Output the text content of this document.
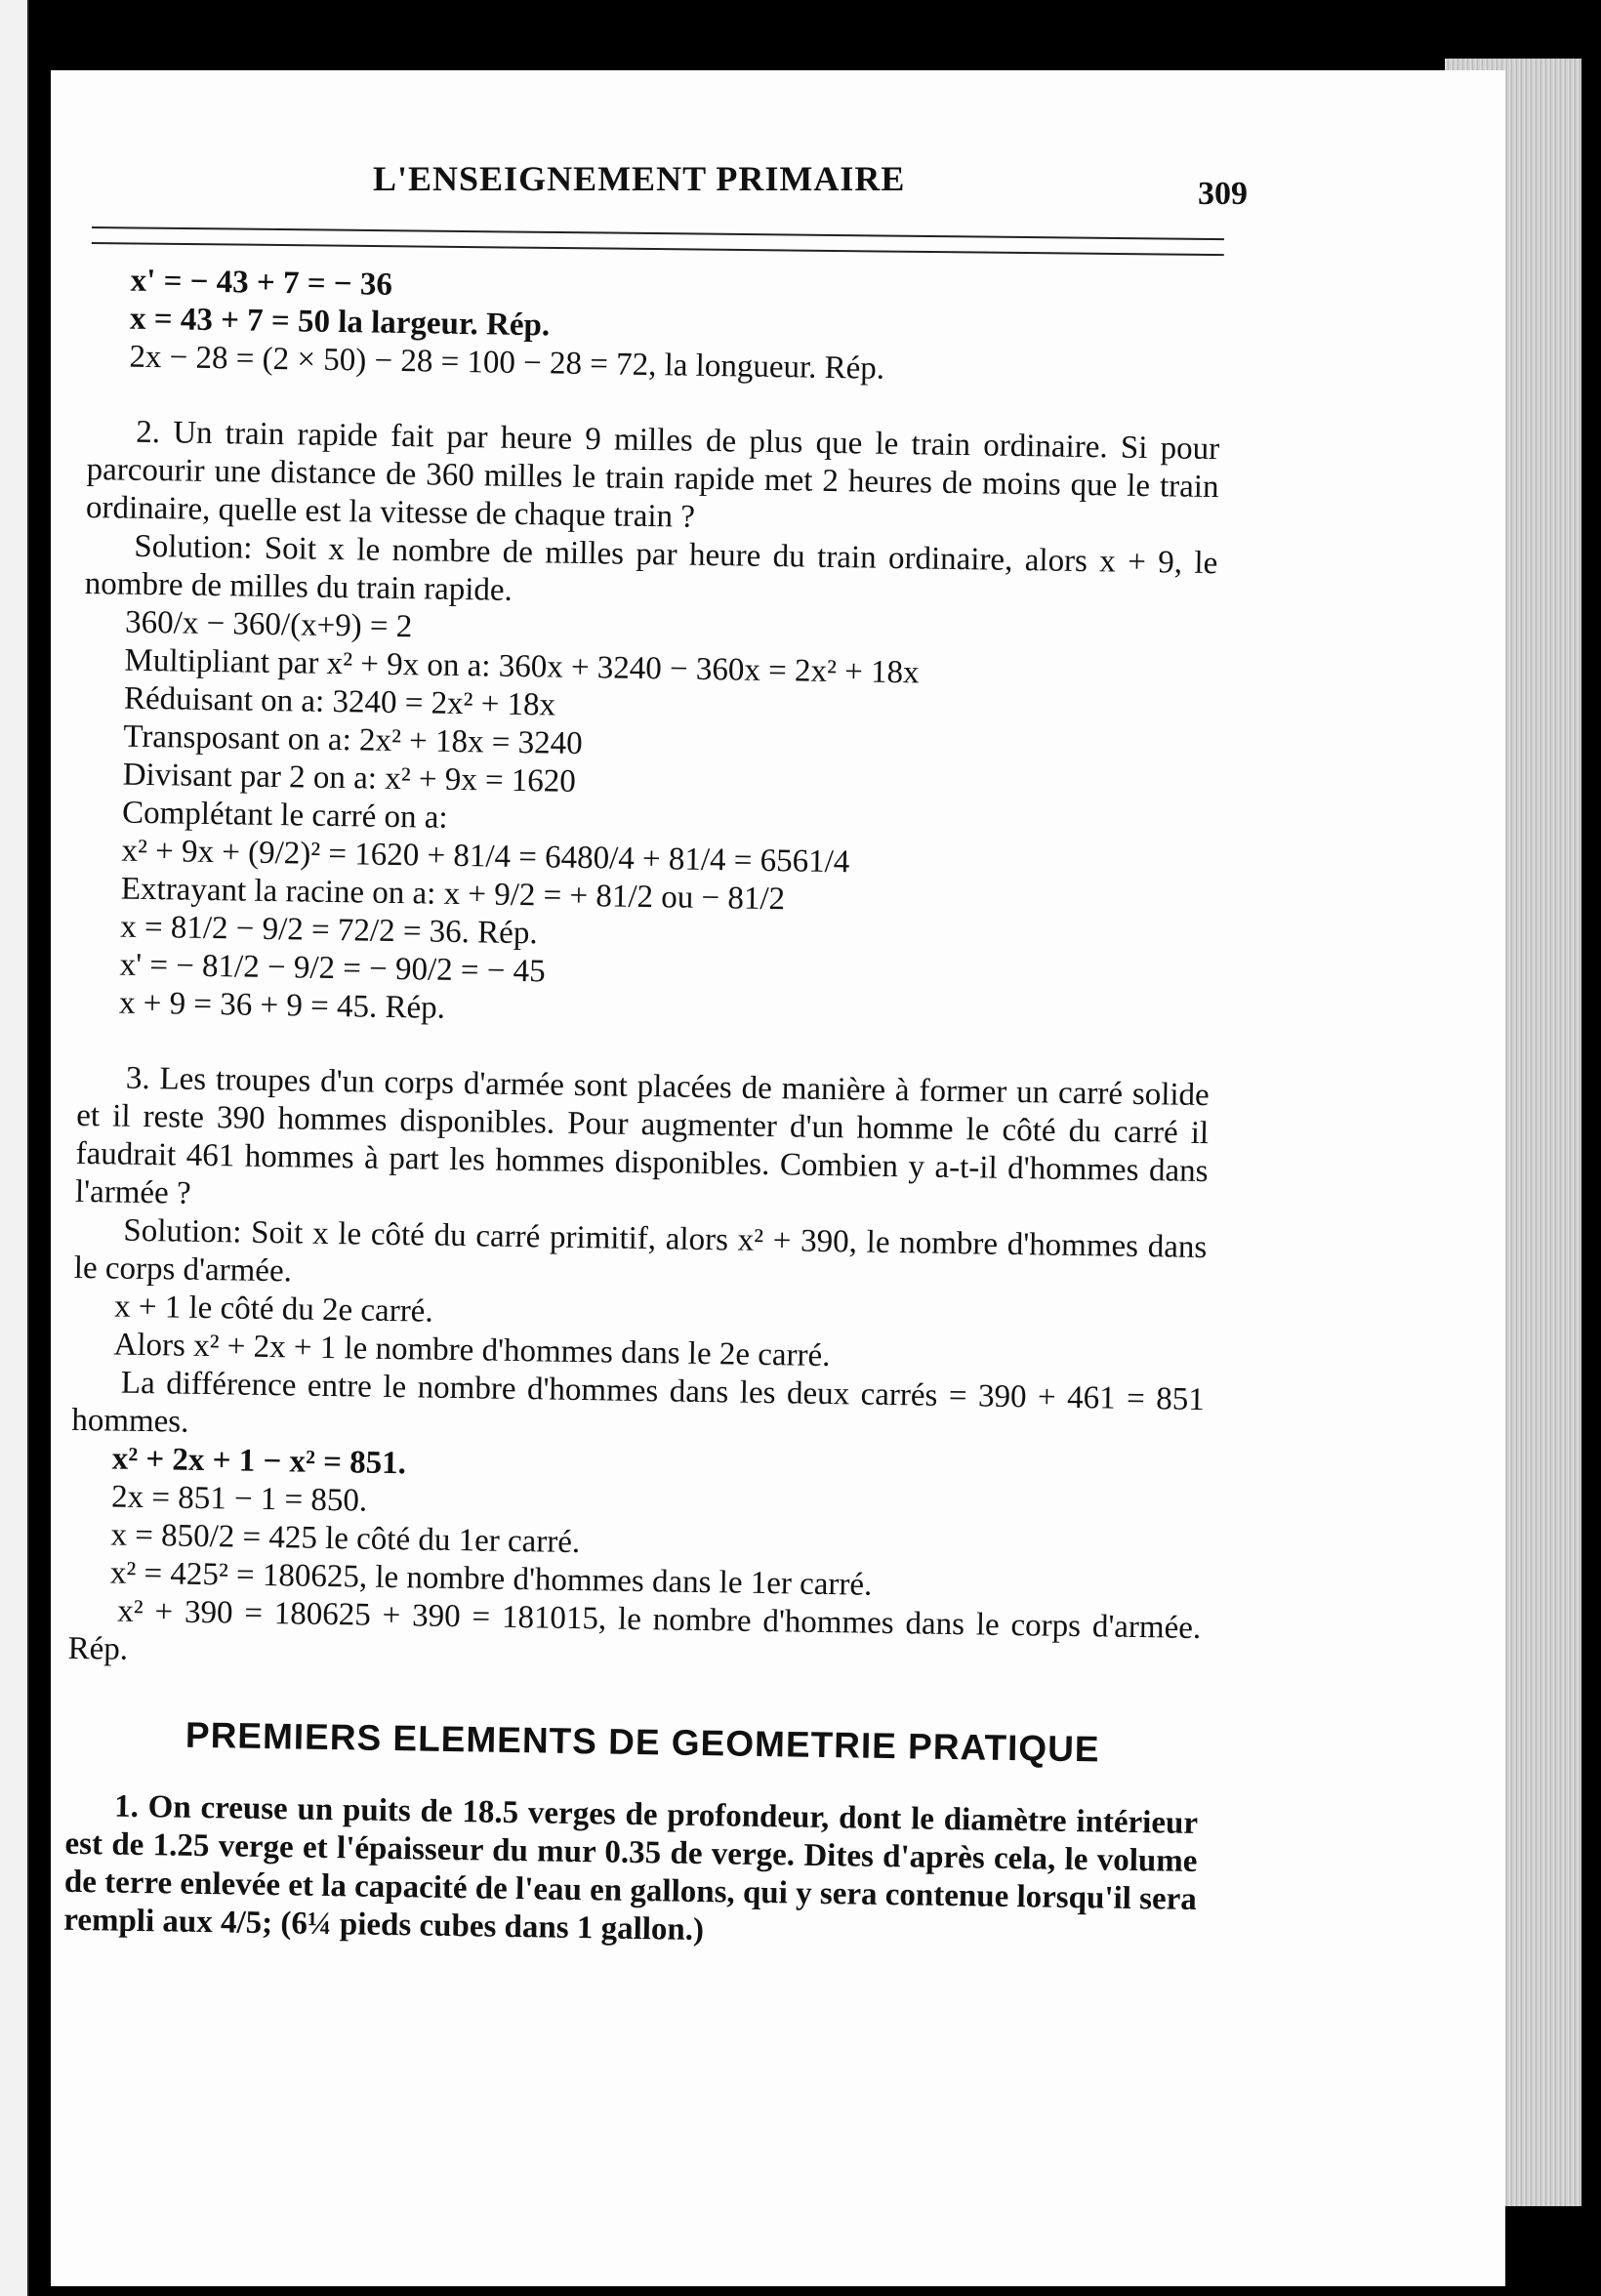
L'ENSEIGNEMENT PRIMAIRE	309
x' = − 43 + 7 = − 36
x = 43 + 7 = 50 la largeur. Rép.
2x − 28 = (2 × 50) − 28 = 100 − 28 = 72, la longueur. Rép.
2. Un train rapide fait par heure 9 milles de plus que le train ordinaire. Si pour parcourir une distance de 360 milles le train rapide met 2 heures de moins que le train ordinaire, quelle est la vitesse de chaque train ?
Solution: Soit x le nombre de milles par heure du train ordinaire, alors x + 9, le nombre de milles du train rapide.
360/x − 360/(x+9) = 2
Multipliant par x² + 9x on a: 360x + 3240 − 360x = 2x² + 18x
Réduisant on a: 3240 = 2x² + 18x
Transposant on a: 2x² + 18x = 3240
Divisant par 2 on a: x² + 9x = 1620
Complétant le carré on a:
x² + 9x + (9/2)² = 1620 + 81/4 = 6480/4 + 81/4 = 6561/4
Extrayant la racine on a: x + 9/2 = + 81/2 ou − 81/2
x = 81/2 − 9/2 = 72/2 = 36. Rép.
x' = − 81/2 − 9/2 = − 90/2 = − 45
x + 9 = 36 + 9 = 45. Rép.
3. Les troupes d'un corps d'armée sont placées de manière à former un carré solide et il reste 390 hommes disponibles. Pour augmenter d'un homme le côté du carré il faudrait 461 hommes à part les hommes disponibles. Combien y a-t-il d'hommes dans l'armée ?
Solution: Soit x le côté du carré primitif, alors x² + 390, le nombre d'hommes dans le corps d'armée.
x + 1 le côté du 2e carré.
Alors x² + 2x + 1 le nombre d'hommes dans le 2e carré.
La différence entre le nombre d'hommes dans les deux carrés = 390 + 461 = 851 hommes.
x² + 2x + 1 − x² = 851.
2x = 851 − 1 = 850.
x = 850/2 = 425 le côté du 1er carré.
x² = 425² = 180625, le nombre d'hommes dans le 1er carré.
x² + 390 = 180625 + 390 = 181015, le nombre d'hommes dans le corps d'armée. Rép.
PREMIERS ELEMENTS DE GEOMETRIE PRATIQUE
1. On creuse un puits de 18.5 verges de profondeur, dont le diamètre intérieur est de 1.25 verge et l'épaisseur du mur 0.35 de verge. Dites d'après cela, le volume de terre enlevée et la capacité de l'eau en gallons, qui y sera contenue lorsqu'il sera rempli aux 4/5; (6¼ pieds cubes dans 1 gallon.)
